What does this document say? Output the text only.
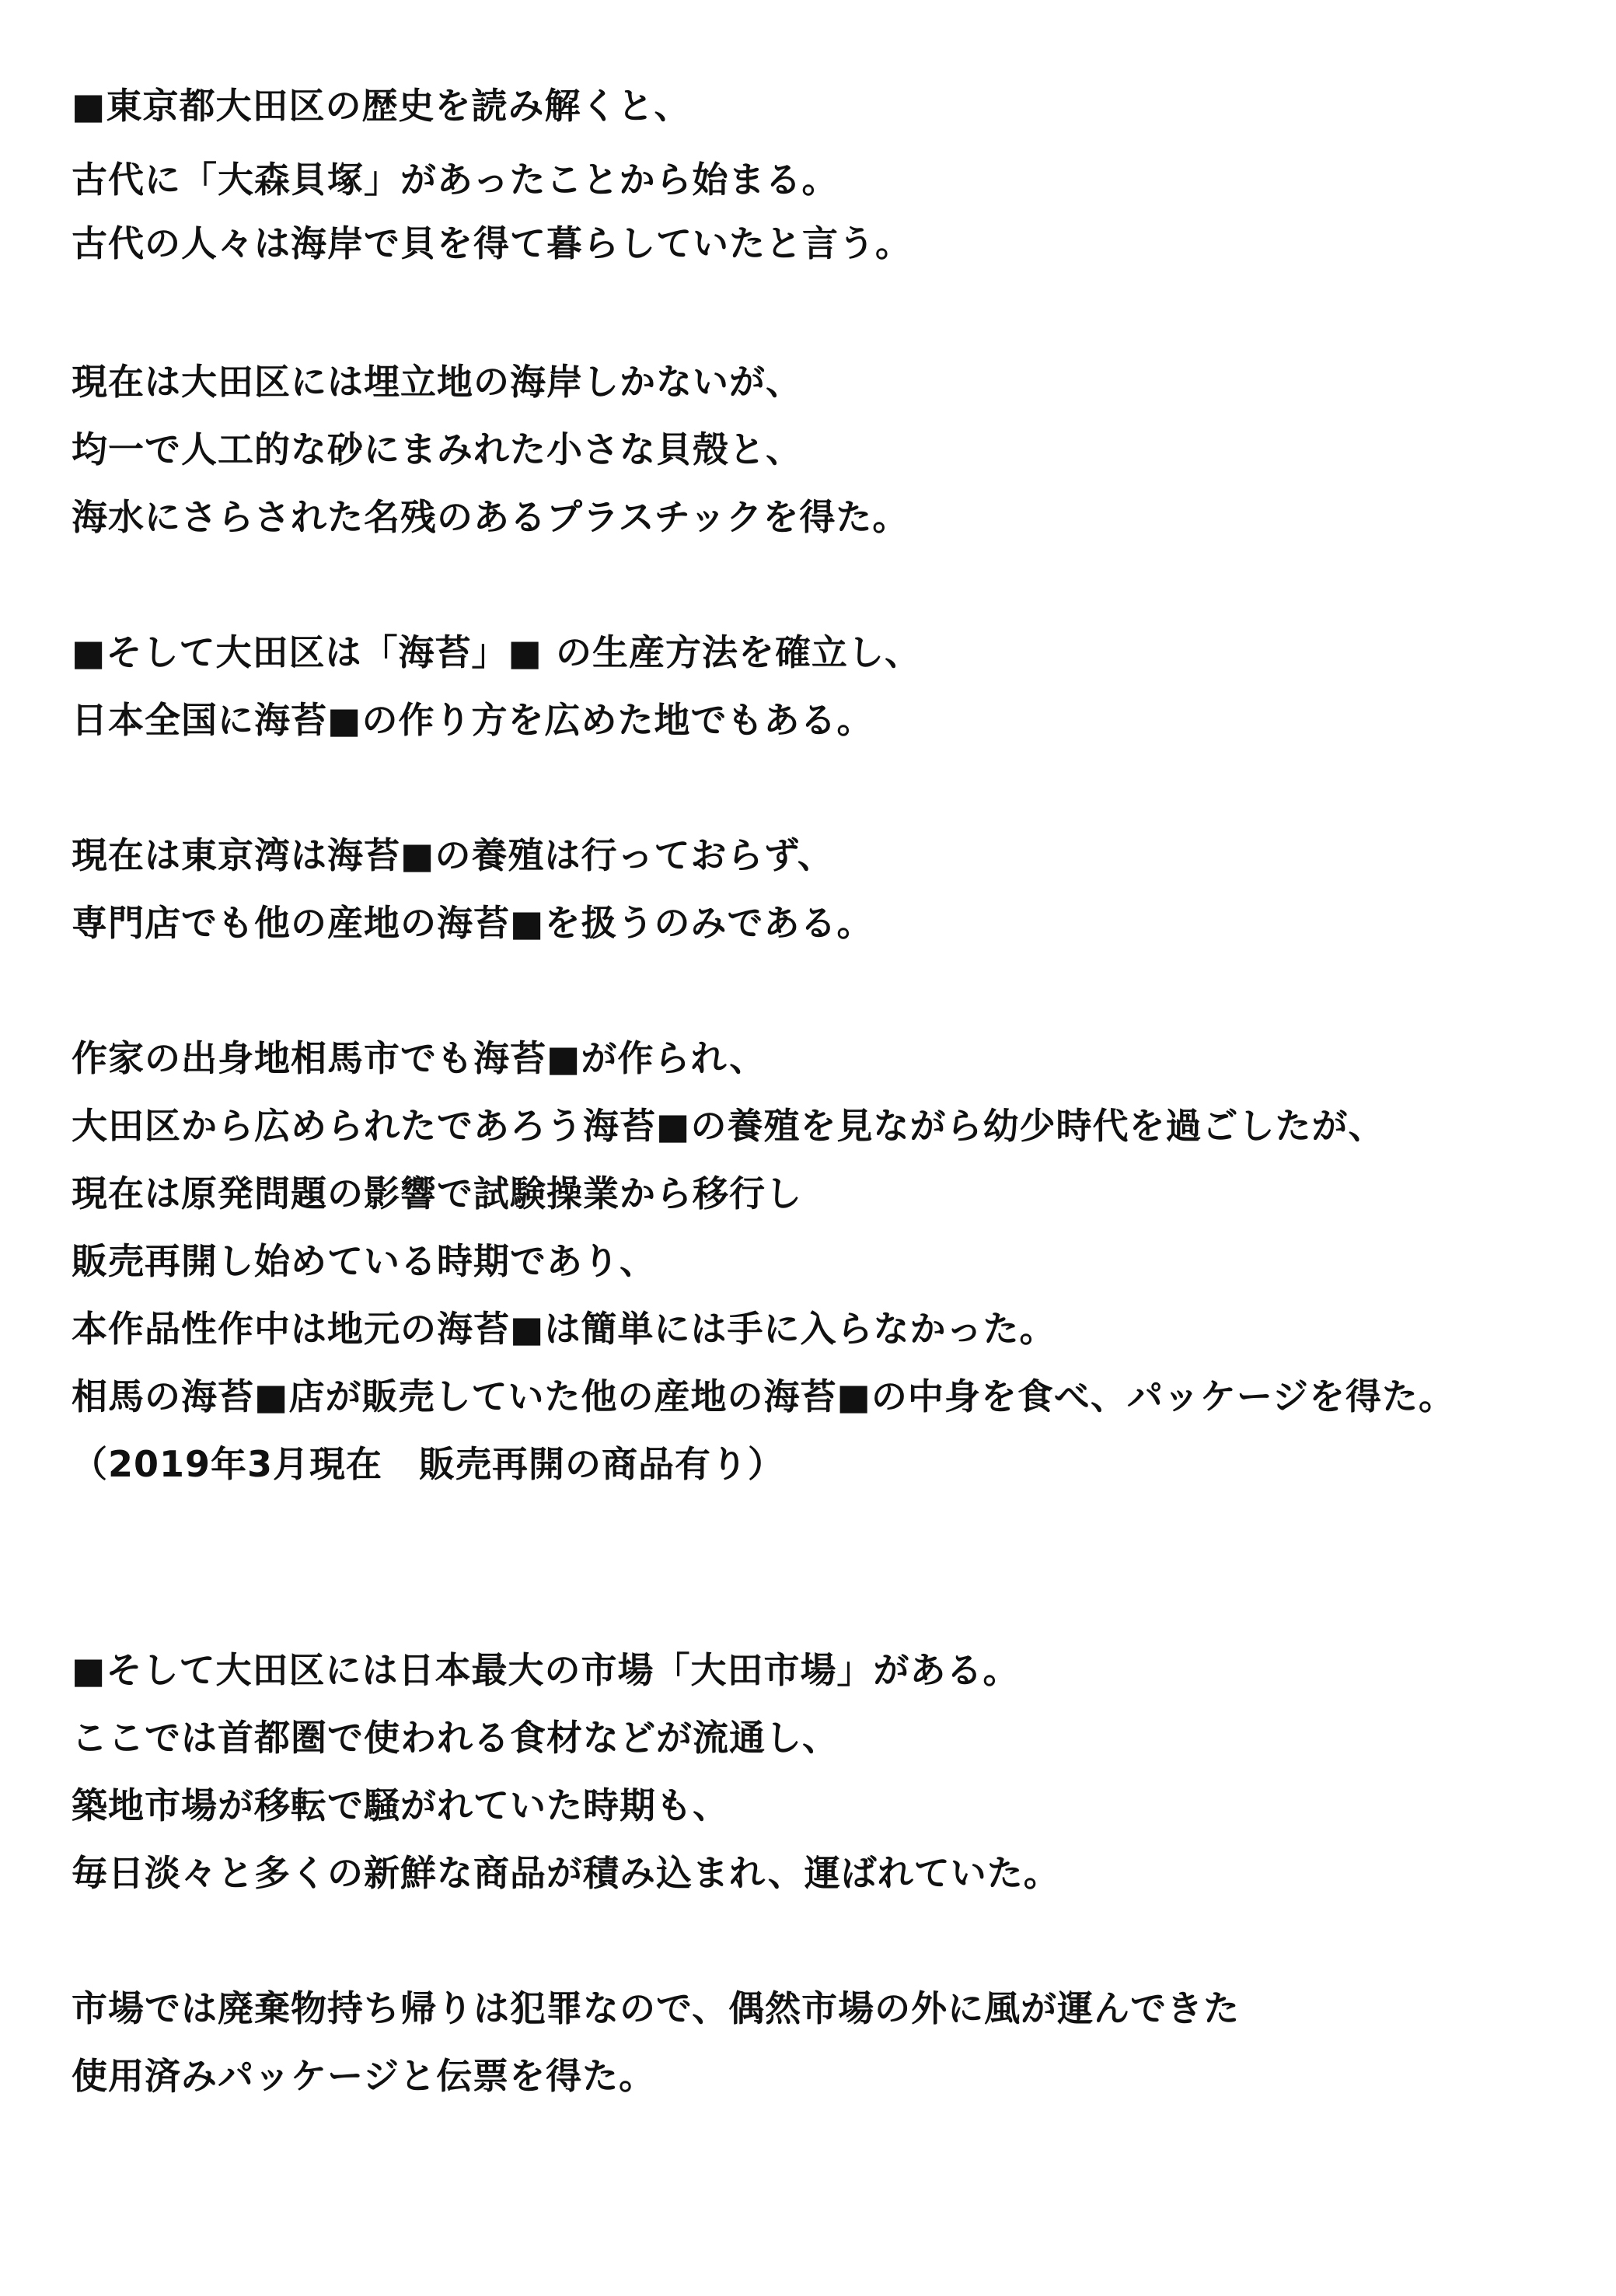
■東京都大田区の歴史を読み解くと、
古代に「大森貝塚」があったことから始まる。
古代の人々は海岸で貝を得て暮らしていたと言う。
現在は大田区には埋立地の海岸しかないが、
均一で人工的な砂にまみれた小さな貝殻と、
海水にさらされた名残のあるプラスチックを得た。
■そして大田区は「海苔」■ の生産方法を確立し、
日本全国に海苔■の作り方を広めた地でもある。
現在は東京湾は海苔■の養殖は行っておらず、
専門店でも他の産地の海苔■を扱うのみである。
作家の出身地相馬市でも海苔■が作られ、
大田区から広められたであろう海苔■の養殖を見ながら幼少時代を過ごしたが、
現在は原発問題の影響で試験操業から移行し
販売再開し始めている時期であり、
本作品性作中は地元の海苔■は簡単には手に入らなかった。
相馬の海苔■店が販売していた他の産地の海苔■の中身を食べ、パッケージを得た。
（2019年3月現在　販売再開の商品有り）
■そして大田区には日本最大の市場「大田市場」がある。
ここでは首都圏で使われる食材などが流通し、
築地市場が移転で騒がれていた時期も、
毎日淡々と多くの新鮮な商品が積み込まれ、運ばれていた。
市場では廃棄物持ち帰りは犯罪なので、偶然市場の外に風が運んできた
使用済みパッケージと伝票を得た。
